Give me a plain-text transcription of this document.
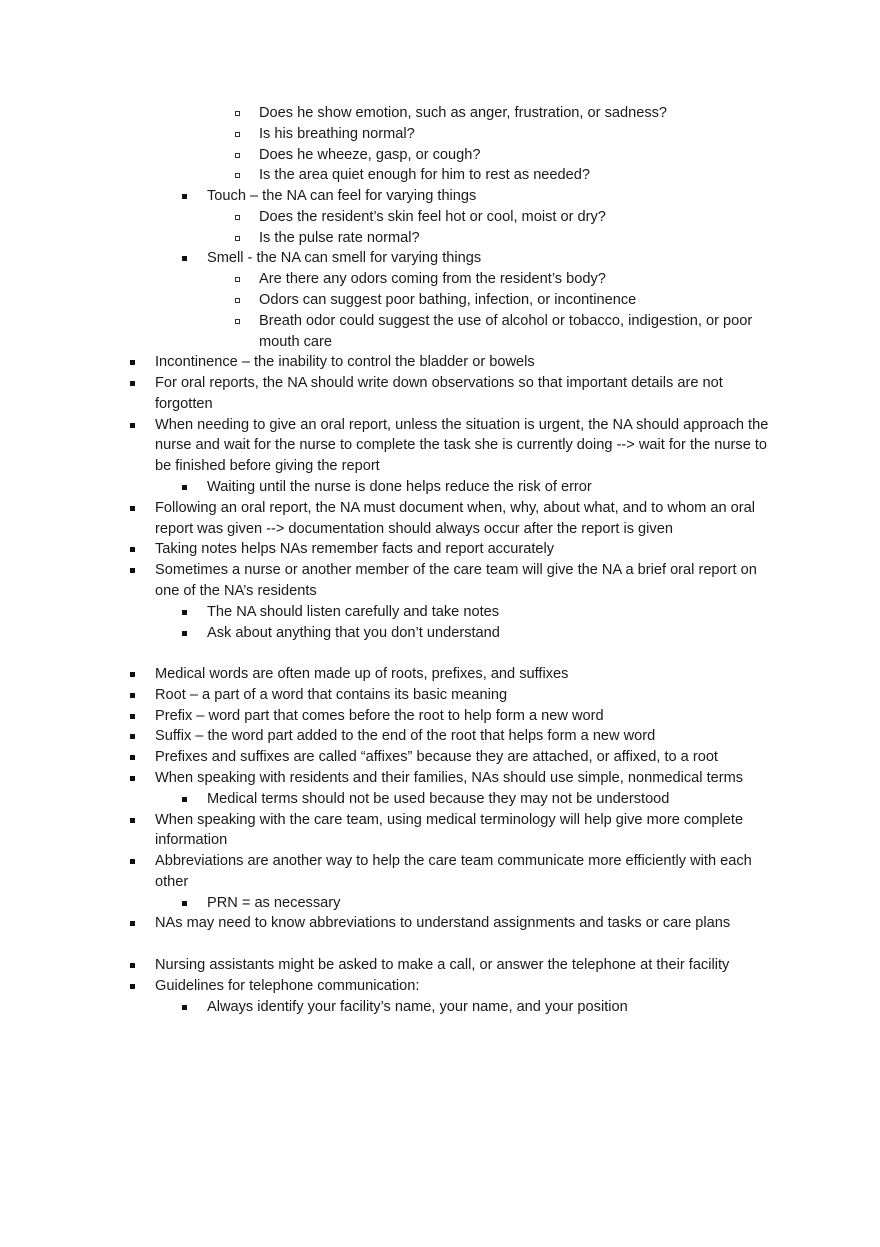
Does he show emotion, such as anger, frustration, or sadness?
Is his breathing normal?
Does he wheeze, gasp, or cough?
Is the area quiet enough for him to rest as needed?
Touch – the NA can feel for varying things
Does the resident’s skin feel hot or cool, moist or dry?
Is the pulse rate normal?
Smell - the NA can smell for varying things
Are there any odors coming from the resident’s body?
Odors can suggest poor bathing, infection, or incontinence
Breath odor could suggest the use of alcohol or tobacco, indigestion, or poor
mouth care
Incontinence – the inability to control the bladder or bowels
For oral reports, the NA should write down observations so that important details are not
forgotten
When needing to give an oral report, unless the situation is urgent, the NA should approach the
nurse and wait for the nurse to complete the task she is currently doing --> wait for the nurse to
be finished before giving the report
Waiting until the nurse is done helps reduce the risk of error
Following an oral report, the NA must document when, why, about what, and to whom an oral
report was given --> documentation should always occur after the report is given
Taking notes helps NAs remember facts and report accurately
Sometimes a nurse or another member of the care team will give the NA a brief oral report on
one of the NA’s residents
The NA should listen carefully and take notes
Ask about anything that you don’t understand
Medical words are often made up of roots, prefixes, and suffixes
Root – a part of a word that contains its basic meaning
Prefix – word part that comes before the root to help form a new word
Suffix – the word part added to the end of the root that helps form a new word
Prefixes and suffixes are called “affixes” because they are attached, or affixed, to a root
When speaking with residents and their families, NAs should use simple, nonmedical terms
Medical terms should not be used because they may not be understood
When speaking with the care team, using medical terminology will help give more complete
information
Abbreviations are another way to help the care team communicate more efficiently with each
other
PRN = as necessary
NAs may need to know abbreviations to understand assignments and tasks or care plans
Nursing assistants might be asked to make a call, or answer the telephone at their facility
Guidelines for telephone communication:
Always identify your facility’s name, your name, and your position
